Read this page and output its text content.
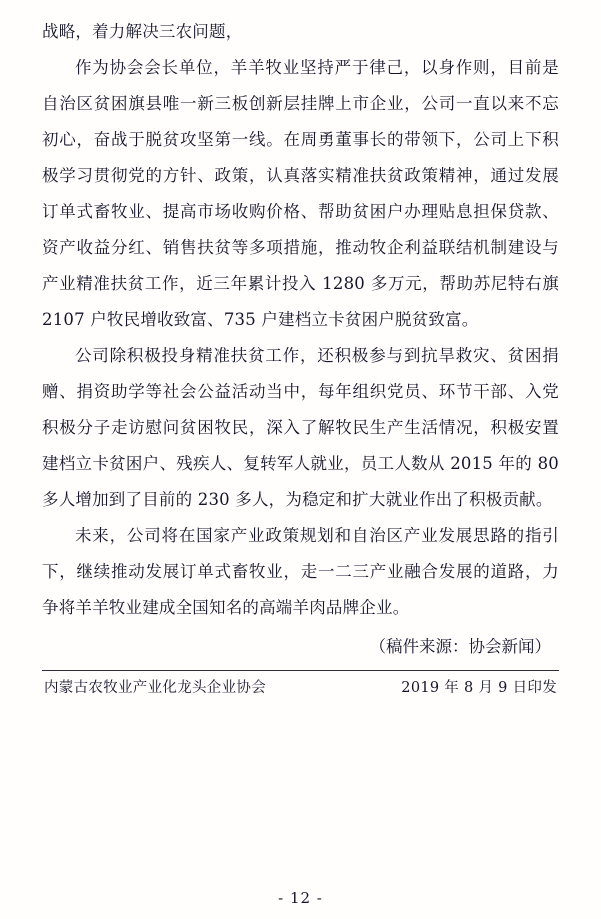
战略，着力解决三农问题，

作为协会会长单位，羊羊牧业坚持严于律己，以身作则，目前是自治区贫困旗县唯一新三板创新层挂牌上市企业，公司一直以来不忘初心，奋战于脱贫攻坚第一线。在周勇董事长的带领下，公司上下积极学习贯彻党的方针、政策，认真落实精准扶贫政策精神，通过发展订单式畜牧业、提高市场收购价格、帮助贫困户办理贴息担保贷款、资产收益分红、销售扶贫等多项措施，推动牧企利益联结机制建设与产业精准扶贫工作，近三年累计投入 1280 多万元，帮助苏尼特右旗 2107 户牧民增收致富、735 户建档立卡贫困户脱贫致富。

公司除积极投身精准扶贫工作，还积极参与到抗旱救灾、贫困捐赠、捐资助学等社会公益活动当中，每年组织党员、环节干部、入党积极分子走访慰问贫困牧民，深入了解牧民生产生活情况，积极安置建档立卡贫困户、残疾人、复转军人就业，员工人数从 2015 年的 80 多人增加到了目前的 230 多人，为稳定和扩大就业作出了积极贡献。

未来，公司将在国家产业政策规划和自治区产业发展思路的指引下，继续推动发展订单式畜牧业，走一二三产业融合发展的道路，力争将羊羊牧业建成全国知名的高端羊肉品牌企业。

（稿件来源：协会新闻）
内蒙古农牧业产业化龙头企业协会	2019 年 8 月 9 日印发
- 12 -
